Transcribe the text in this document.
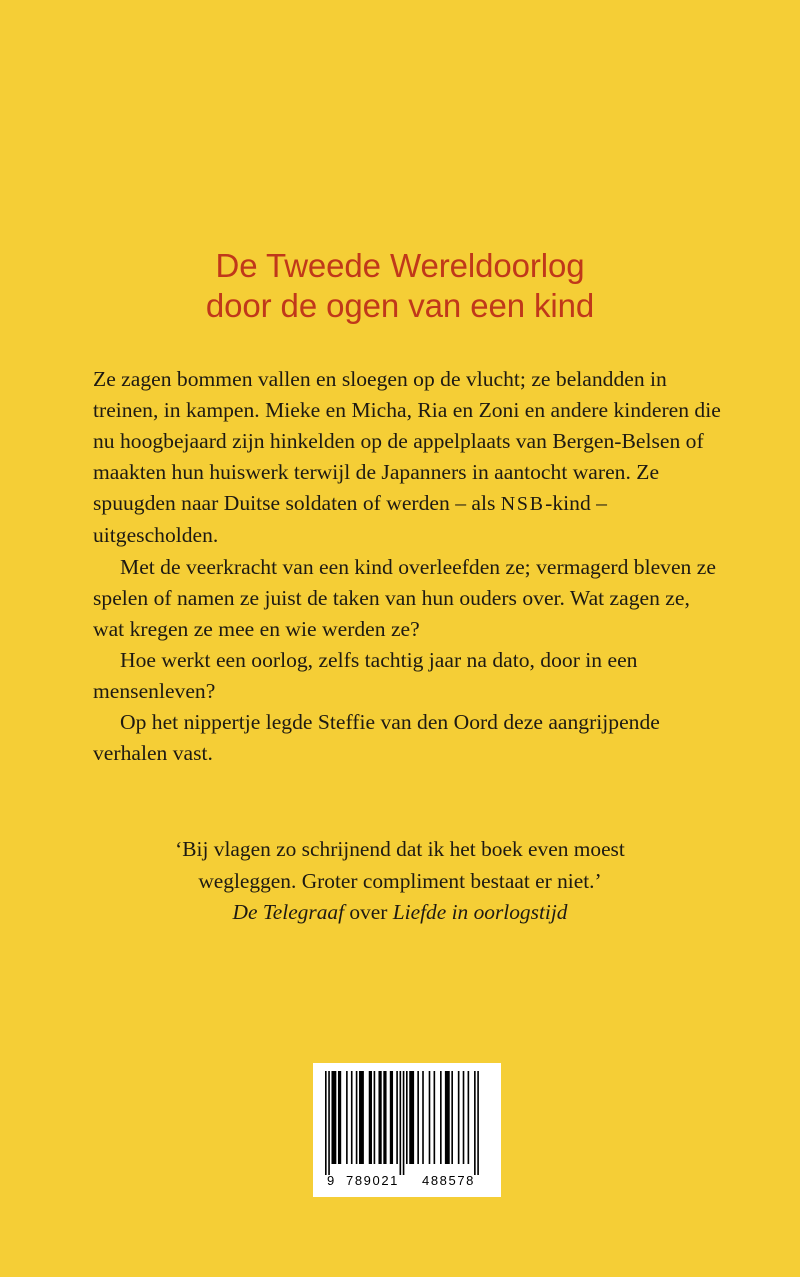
De Tweede Wereldoorlog
door de ogen van een kind

Ze zagen bommen vallen en sloegen op de vlucht; ze belandden in treinen, in kampen. Mieke en Micha, Ria en Zoni en andere kinderen die nu hoogbejaard zijn hinkelden op de appelplaats van Bergen-Belsen of maakten hun huiswerk terwijl de Japanners in aantocht waren. Ze spuugden naar Duitse soldaten of werden – als NSB-kind – uitgescholden.

Met de veerkracht van een kind overleefden ze; vermagerd bleven ze spelen of namen ze juist de taken van hun ouders over. Wat zagen ze, wat kregen ze mee en wie werden ze?

Hoe werkt een oorlog, zelfs tachtig jaar na dato, door in een mensenleven?

Op het nippertje legde Steffie van den Oord deze aangrijpende verhalen vast.

‘Bij vlagen zo schrijnend dat ik het boek even moest
wegleggen. Groter compliment bestaat er niet.’
De Telegraaf over Liefde in oorlogstijd
9 789021 488578
